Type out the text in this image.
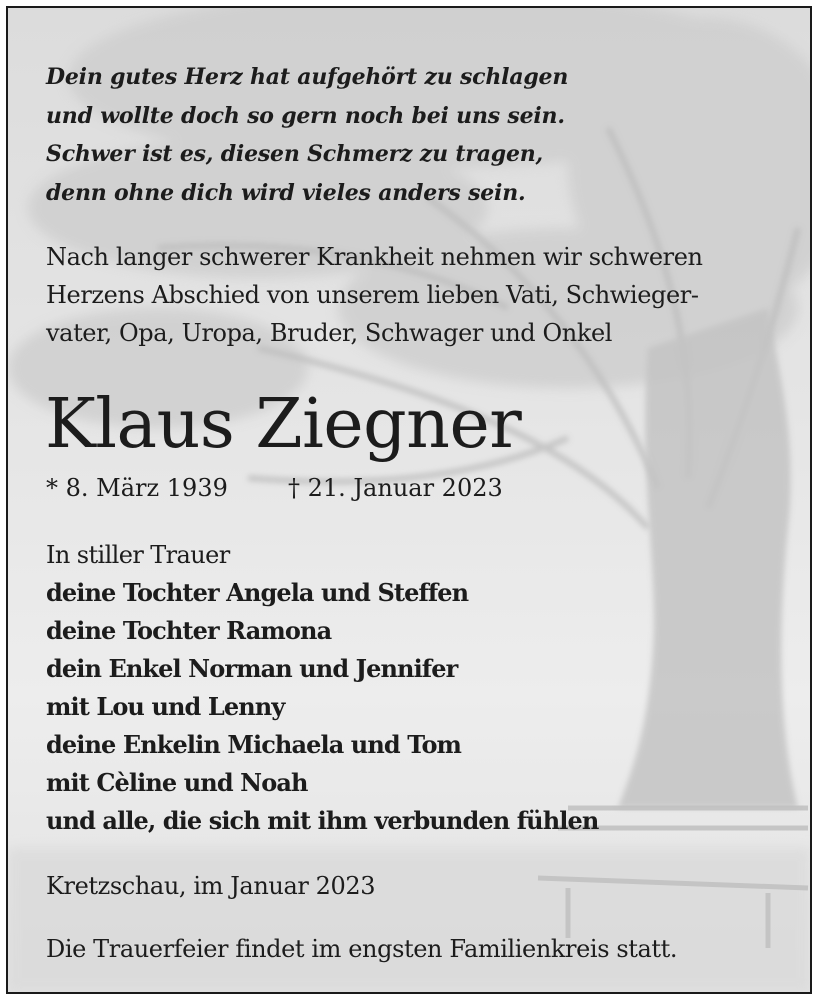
Dein gutes Herz hat aufgehört zu schlagen
und wollte doch so gern noch bei uns sein.
Schwer ist es, diesen Schmerz zu tragen,
denn ohne dich wird vieles anders sein.
Nach langer schwerer Krankheit nehmen wir schweren
Herzens Abschied von unserem lieben Vati, Schwieger-
vater, Opa, Uropa, Bruder, Schwager und Onkel
Klaus Ziegner
* 8. März 1939	† 21. Januar 2023
In stiller Trauer
deine Tochter Angela und Steffen
deine Tochter Ramona
dein Enkel Norman und Jennifer
mit Lou und Lenny
deine Enkelin Michaela und Tom
mit Cèline und Noah
und alle, die sich mit ihm verbunden fühlen
Kretzschau, im Januar 2023
Die Trauerfeier findet im engsten Familienkreis statt.
